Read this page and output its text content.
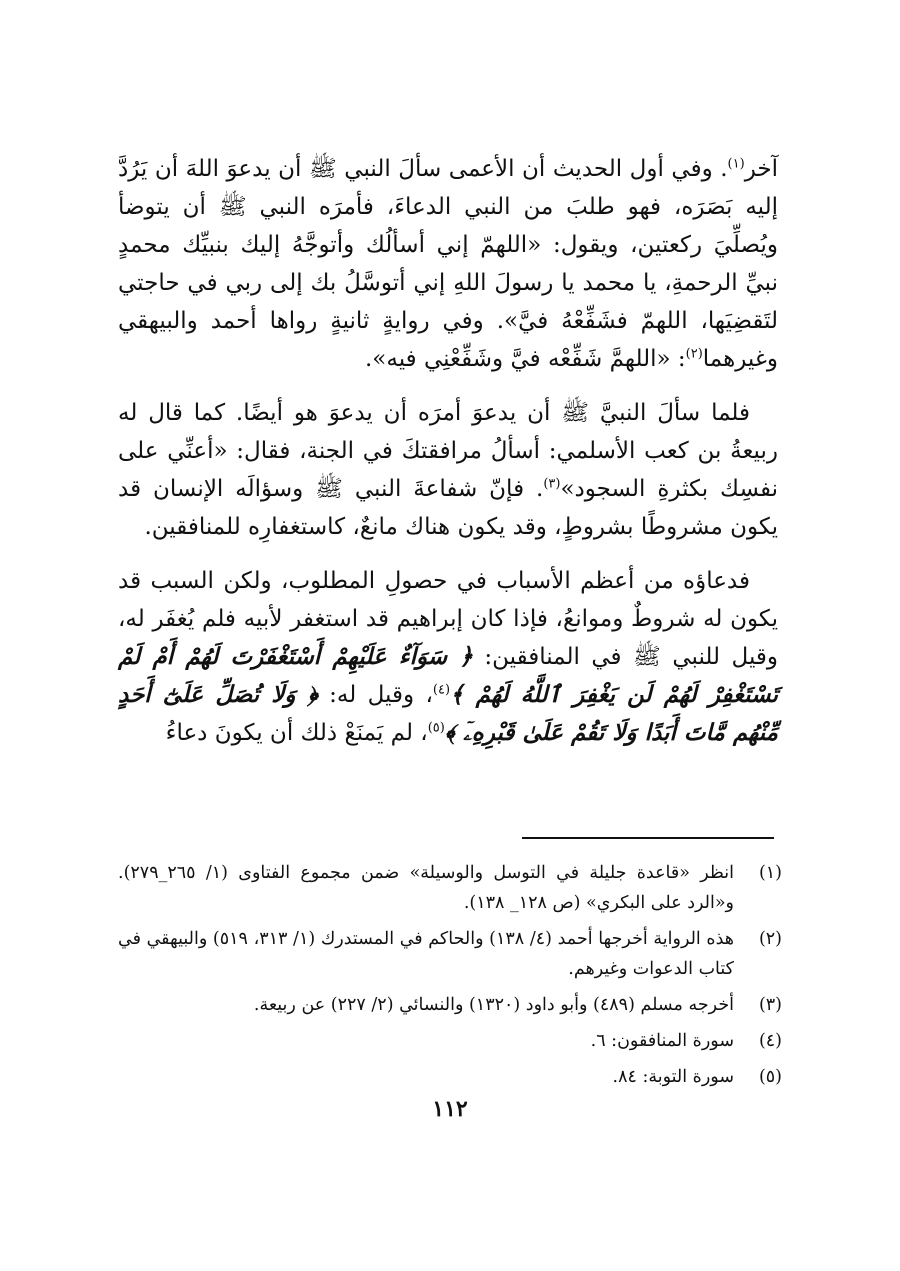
آخر$^{(١)}$. وفي أول الحديث أن الأعمى سألَ النبي ﷺ أن يدعوَ اللهَ أن يَرُدَّ إليه بَصَرَه، فهو طلبَ من النبي الدعاءَ، فأمرَه النبي ﷺ أن يتوضأ ويُصلِّيَ ركعتين، ويقول: «اللهمّ إني أسألُك وأتوجَّهُ إليك بنبيِّك محمدٍ نبيِّ الرحمةِ، يا محمد يا رسولَ اللهِ إني أتوسَّلُ بك إلى ربي في حاجتي لتَقضِيَها، اللهمّ فشَفِّعْهُ فيَّ». وفي روايةٍ ثانيةٍ رواها أحمد والبيهقي وغيرهما$^{(٢)}$: «اللهمَّ شَفِّعْه فيَّ وشَفِّعْنِي فيه».

فلما سألَ النبيَّ ﷺ أن يدعوَ أمرَه أن يدعوَ هو أيضًا. كما قال له ربيعةُ بن كعب الأسلمي: أسألُ مرافقتكَ في الجنة، فقال: «أعنِّي على نفسِك بكثرةِ السجود»$^{(٣)}$. فإنّ شفاعةَ النبي ﷺ وسؤالَه الإنسان قد يكون مشروطًا بشروطٍ، وقد يكون هناك مانعٌ، كاستغفارِه للمنافقين.

فدعاؤه من أعظم الأسباب في حصولِ المطلوب، ولكن السبب قد يكون له شروطٌ وموانعُ، فإذا كان إبراهيم قد استغفر لأبيه فلم يُغفَر له، وقيل للنبي ﷺ في المنافقين: ﴿ سَوَآءٌ عَلَيْهِمْ أَسْتَغْفَرْتَ لَهُمْ أَمْ لَمْ تَسْتَغْفِرْ لَهُمْ لَن يَغْفِرَ ٱللَّهُ لَهُمْ ﴾$^{(٤)}$، وقيل له: ﴿ وَلَا تُصَلِّ عَلَىٰٓ أَحَدٍ مِّنْهُم مَّاتَ أَبَدًا وَلَا تَقُمْ عَلَىٰ قَبْرِهِۦٓ ﴾$^{(٥)}$، لم يَمنَعْ ذلك أن يكونَ دعاءُ

(١)
انظر «قاعدة جليلة في التوسل والوسيلة» ضمن مجموع الفتاوى (١/ ٢٦٥_٢٧٩). و«الرد على البكري» (ص ١٢٨_ ١٣٨).
(٢)
هذه الرواية أخرجها أحمد (٤/ ١٣٨) والحاكم في المستدرك (١/ ٣١٣، ٥١٩) والبيهقي في كتاب الدعوات وغيرهم.
(٣)
أخرجه مسلم (٤٨٩) وأبو داود (١٣٢٠) والنسائي (٢/ ٢٢٧) عن ربيعة.
(٤)
سورة المنافقون: ٦.
(٥)
سورة التوبة: ٨٤.
١١٢
